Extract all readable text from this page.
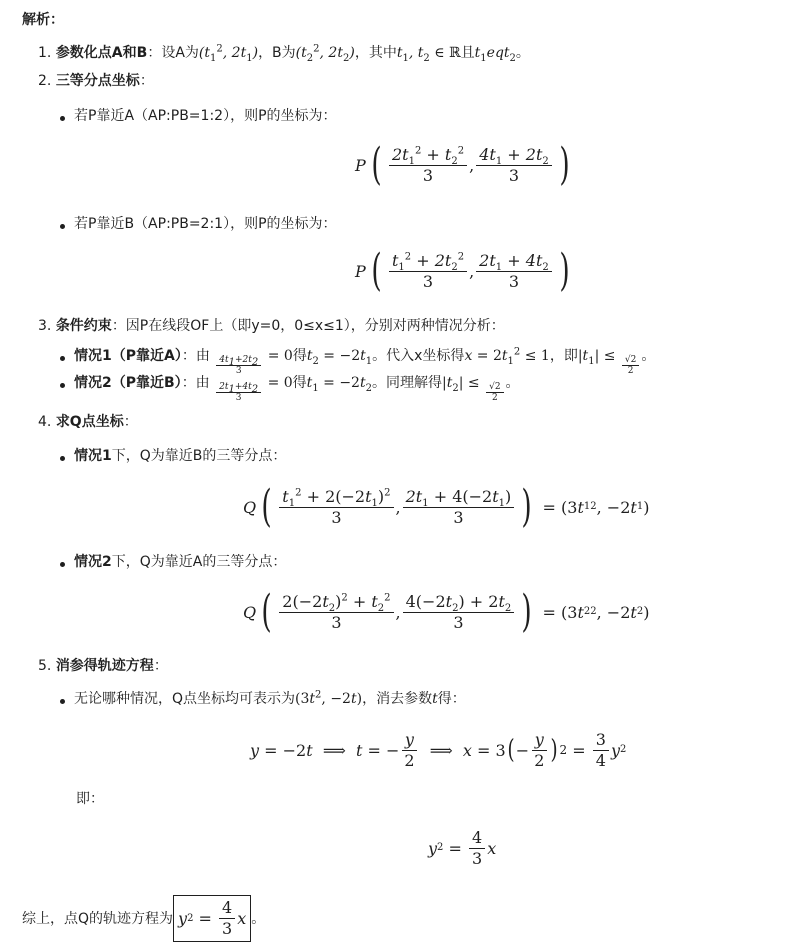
解析：
1. 参数化点A和B：设A为($t_1^2$, $2t_1$)，B为($t_2^2$, $2t_2$)，其中$t_1$, $t_2$ ∈ ℝ且$t_1eqt_2$。
2. 三等分点坐标：
若P靠近A（AP:PB=1:2），则P的坐标为：
P ( $\frac{2t_1^2 + t_2^2}{3}$ , $\frac{4t_1 + 2t_2}{3}$ )
若P靠近B（AP:PB=2:1），则P的坐标为：
P ( $\frac{t_1^2 + 2t_2^2}{3}$ , $\frac{2t_1 + 4t_2}{3}$ )
3. 条件约束：因P在线段OF上（即y=0，0≤x≤1），分别对两种情况分析：
情况1（P靠近A）：由 $\frac{4t_1+2t_2}{3} = 0$得$t_2 = -2t_1$。代入x坐标得$x = 2t_1^2 \le 1$，即$|t_1| \le \frac{√2}{2}$ 。
情况2（P靠近B）：由 $\frac{2t_1+4t_2}{3} = 0$得$t_1 = -2t_2$。同理解得$|t_2| \le \frac{√2}{2}$ 。
4. 求Q点坐标：
情况1下，Q为靠近B的三等分点：
Q ( $\frac{t_1^2 + 2(-2t_1)^2}{3}$ , $\frac{2t_1 + 4(-2t_1)}{3}$ ) = (3 t 1 2 , −2 t 1 )
情况2下，Q为靠近A的三等分点：
Q ( $\frac{2(-2t_2)^2 + t_2^2}{3}$ , $\frac{4(-2t_2) + 2t_2}{3}$ ) = (3 t 2 2 , −2 t 2 )
5. 消参得轨迹方程：
无论哪种情况，Q点坐标均可表示为($3t^2$, −2t)，消去参数t得：
y = −2 t ⟹ t = − $\frac{y}{2}$ ⟹ x = 3 ( − $\frac{y}{2}$ ) $2 = \frac{3}{4}$ y 2
即：
y $2 = \frac{4}{3}$ x
综上，点Q的轨迹方程为 y $2 = \frac{4}{3}$ x 。
